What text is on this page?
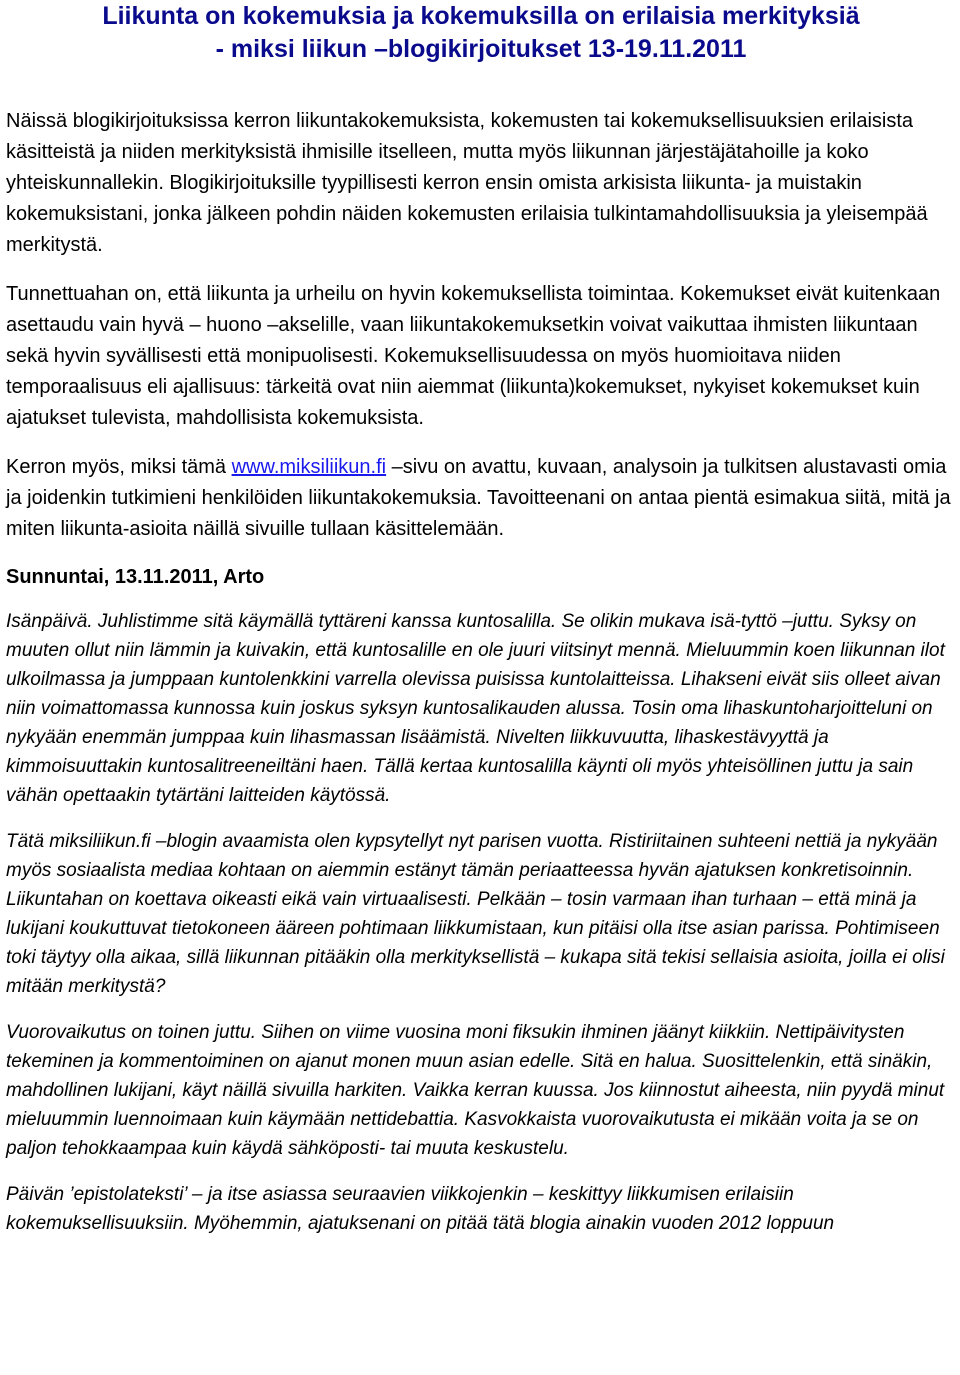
Liikunta on kokemuksia ja kokemuksilla on erilaisia merkityksiä
- miksi liikun –blogikirjoitukset 13-19.11.2011

Näissä blogikirjoituksissa kerron liikuntakokemuksista, kokemusten tai kokemuksellisuuksien erilaisista käsitteistä ja niiden merkityksistä ihmisille itselleen, mutta myös liikunnan järjestäjätahoille ja koko yhteiskunnallekin. Blogikirjoituksille tyypillisesti kerron ensin omista arkisista liikunta- ja muistakin kokemuksistani, jonka jälkeen pohdin näiden kokemusten erilaisia tulkintamahdollisuuksia ja yleisempää merkitystä.

Tunnettuahan on, että liikunta ja urheilu on hyvin kokemuksellista toimintaa. Kokemukset eivät kuitenkaan asettaudu vain hyvä – huono –akselille, vaan liikuntakokemuksetkin voivat vaikuttaa ihmisten liikuntaan sekä hyvin syvällisesti että monipuolisesti. Kokemuksellisuudessa on myös huomioitava niiden temporaalisuus eli ajallisuus: tärkeitä ovat niin aiemmat (liikunta)kokemukset, nykyiset kokemukset kuin ajatukset tulevista, mahdollisista kokemuksista.

Kerron myös, miksi tämä www.miksiliikun.fi –sivu on avattu, kuvaan, analysoin ja tulkitsen alustavasti omia ja joidenkin tutkimieni henkilöiden liikuntakokemuksia. Tavoitteenani on antaa pientä esimakua siitä, mitä ja miten liikunta-asioita näillä sivuille tullaan käsittelemään.

Sunnuntai, 13.11.2011, Arto

Isänpäivä. Juhlistimme sitä käymällä tyttäreni kanssa kuntosalilla. Se olikin mukava isä-tyttö –juttu. Syksy on muuten ollut niin lämmin ja kuivakin, että kuntosalille en ole juuri viitsinyt mennä. Mieluummin koen liikunnan ilot ulkoilmassa ja jumppaan kuntolenkkini varrella olevissa puisissa kuntolaitteissa. Lihakseni eivät siis olleet aivan niin voimattomassa kunnossa kuin joskus syksyn kuntosalikauden alussa. Tosin oma lihaskuntoharjoitteluni on nykyään enemmän jumppaa kuin lihasmassan lisäämistä. Nivelten liikkuvuutta, lihaskestävyyttä ja kimmoisuuttakin kuntosalitreeneiltäni haen. Tällä kertaa kuntosalilla käynti oli myös yhteisöllinen juttu ja sain vähän opettaakin tytärtäni laitteiden käytössä.

Tätä miksiliikun.fi –blogin avaamista olen kypsytellyt nyt parisen vuotta. Ristiriitainen suhteeni nettiä ja nykyään myös sosiaalista mediaa kohtaan on aiemmin estänyt tämän periaatteessa hyvän ajatuksen konkretisoinnin. Liikuntahan on koettava oikeasti eikä vain virtuaalisesti. Pelkään – tosin varmaan ihan turhaan – että minä ja lukijani koukuttuvat tietokoneen ääreen pohtimaan liikkumistaan, kun pitäisi olla itse asian parissa. Pohtimiseen toki täytyy olla aikaa, sillä liikunnan pitääkin olla merkityksellistä – kukapa sitä tekisi sellaisia asioita, joilla ei olisi mitään merkitystä?

Vuorovaikutus on toinen juttu. Siihen on viime vuosina moni fiksukin ihminen jäänyt kiikkiin. Nettipäivitysten tekeminen ja kommentoiminen on ajanut monen muun asian edelle. Sitä en halua. Suosittelenkin, että sinäkin, mahdollinen lukijani, käyt näillä sivuilla harkiten. Vaikka kerran kuussa. Jos kiinnostut aiheesta, niin pyydä minut mieluummin luennoimaan kuin käymään nettidebattia. Kasvokkaista vuorovaikutusta ei mikään voita ja se on paljon tehokkaampaa kuin käydä sähköposti- tai muuta keskustelu.

Päivän ’epistolateksti’ – ja itse asiassa seuraavien viikkojenkin – keskittyy liikkumisen erilaisiin kokemuksellisuuksiin. Myöhemmin, ajatuksenani on pitää tätä blogia ainakin vuoden 2012 loppuun
